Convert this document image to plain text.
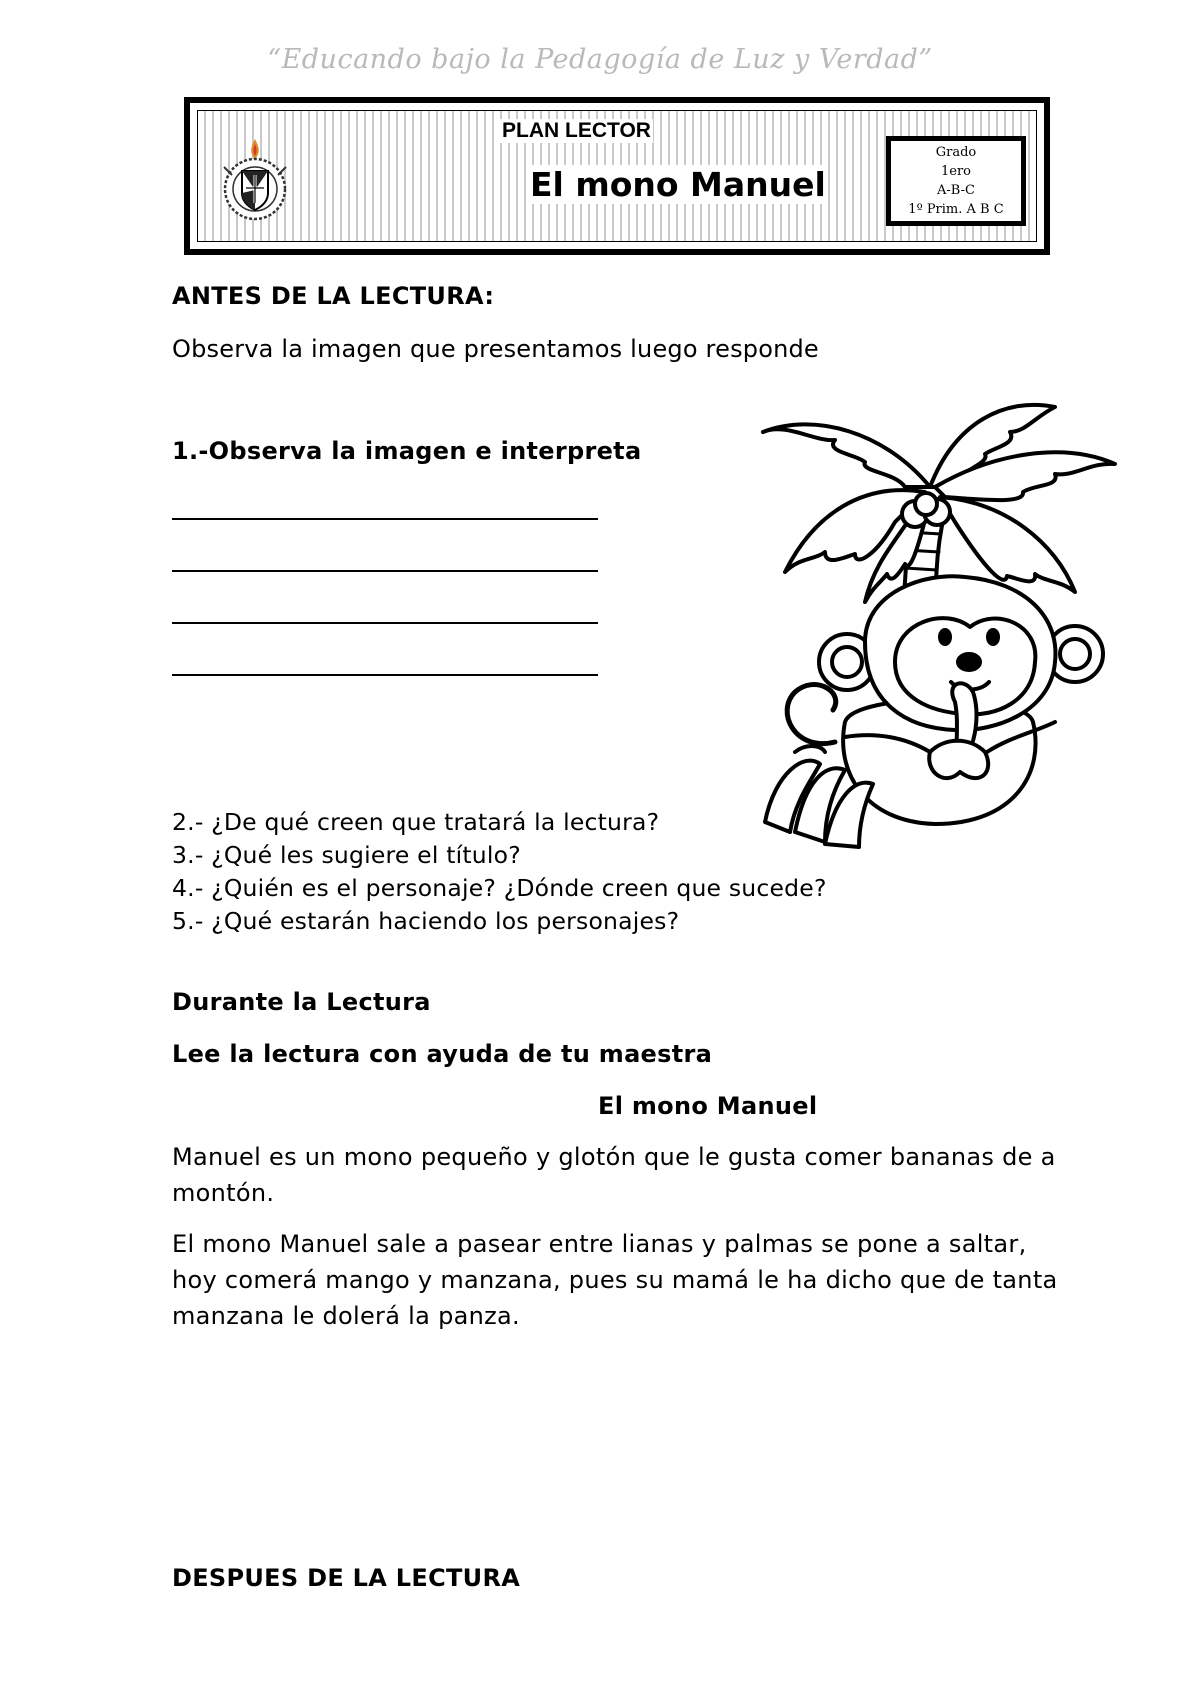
“Educando bajo la Pedagogía de Luz y Verdad”
PLAN LECTOR
El mono Manuel
Grado
1ero
A-B-C
1º Prim. A B C
ANTES DE LA LECTURA:
Observa la imagen que presentamos luego responde
1.-Observa la imagen e interpreta
2.- ¿De qué creen que tratará la lectura?
3.- ¿Qué les sugiere el título?
4.- ¿Quién es el personaje? ¿Dónde creen que sucede?
5.- ¿Qué estarán haciendo los personajes?
Durante la Lectura
Lee la lectura con ayuda de tu maestra
El mono Manuel
Manuel es un mono pequeño y glotón que le gusta comer bananas de a montón.
El mono Manuel sale a pasear entre lianas y palmas se pone a saltar, hoy comerá mango y manzana, pues su mamá le ha dicho que de tanta manzana le dolerá la panza.
DESPUES DE LA LECTURA
